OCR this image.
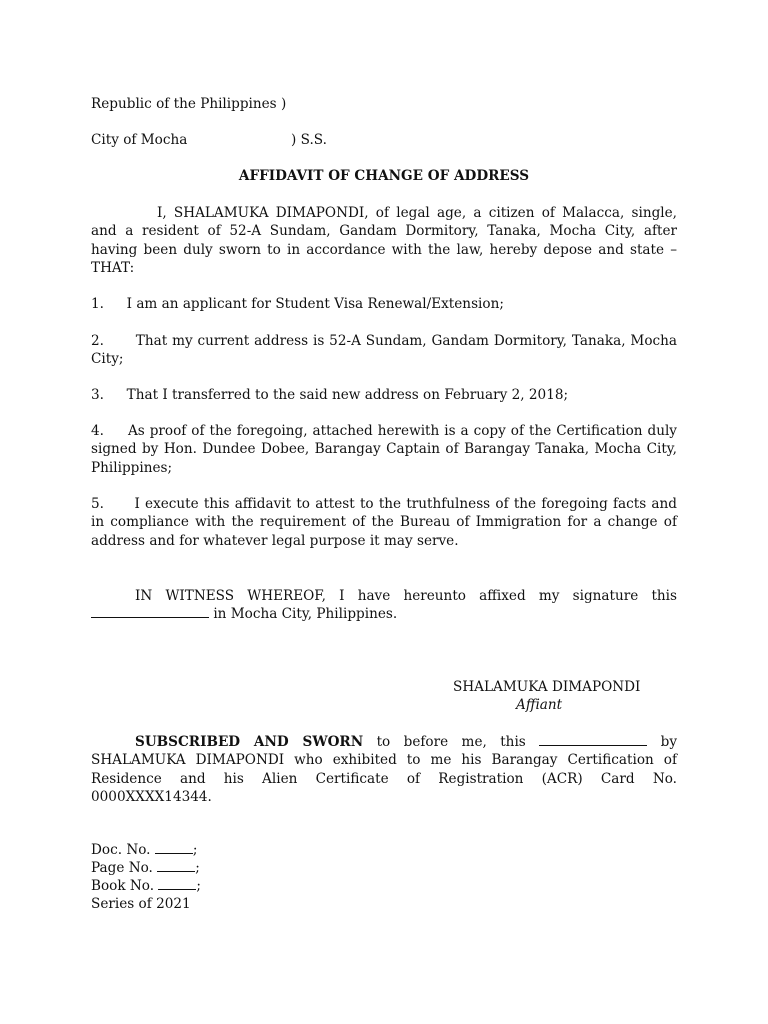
Republic of the Philippines )
City of Mocha	) S.S.
AFFIDAVIT OF CHANGE OF ADDRESS
I, SHALAMUKA DIMAPONDI, of legal age, a citizen of Malacca, single, and a resident of 52-A Sundam, Gandam Dormitory, Tanaka, Mocha City, after having been duly sworn to in accordance with the law, hereby depose and state – THAT:
1. I am an applicant for Student Visa Renewal/Extension;
2. That my current address is 52-A Sundam, Gandam Dormitory, Tanaka, Mocha City;
3. That I transferred to the said new address on February 2, 2018;
4. As proof of the foregoing, attached herewith is a copy of the Certification duly signed by Hon. Dundee Dobee, Barangay Captain of Barangay Tanaka, Mocha City, Philippines;
5. I execute this affidavit to attest to the truthfulness of the foregoing facts and in compliance with the requirement of the Bureau of Immigration for a change of address and for whatever legal purpose it may serve.
IN WITNESS WHEREOF, I have hereunto affixed my signature this  in Mocha City, Philippines.
SHALAMUKA DIMAPONDI
Affiant
SUBSCRIBED AND SWORN to before me, this	by SHALAMUKA DIMAPONDI who exhibited to me his Barangay Certification of Residence and his Alien Certificate of Registration (ACR) Card No. 0000XXXX14344.
Doc. No.	;
Page No.	;
Book No.	;
Series of 2021
